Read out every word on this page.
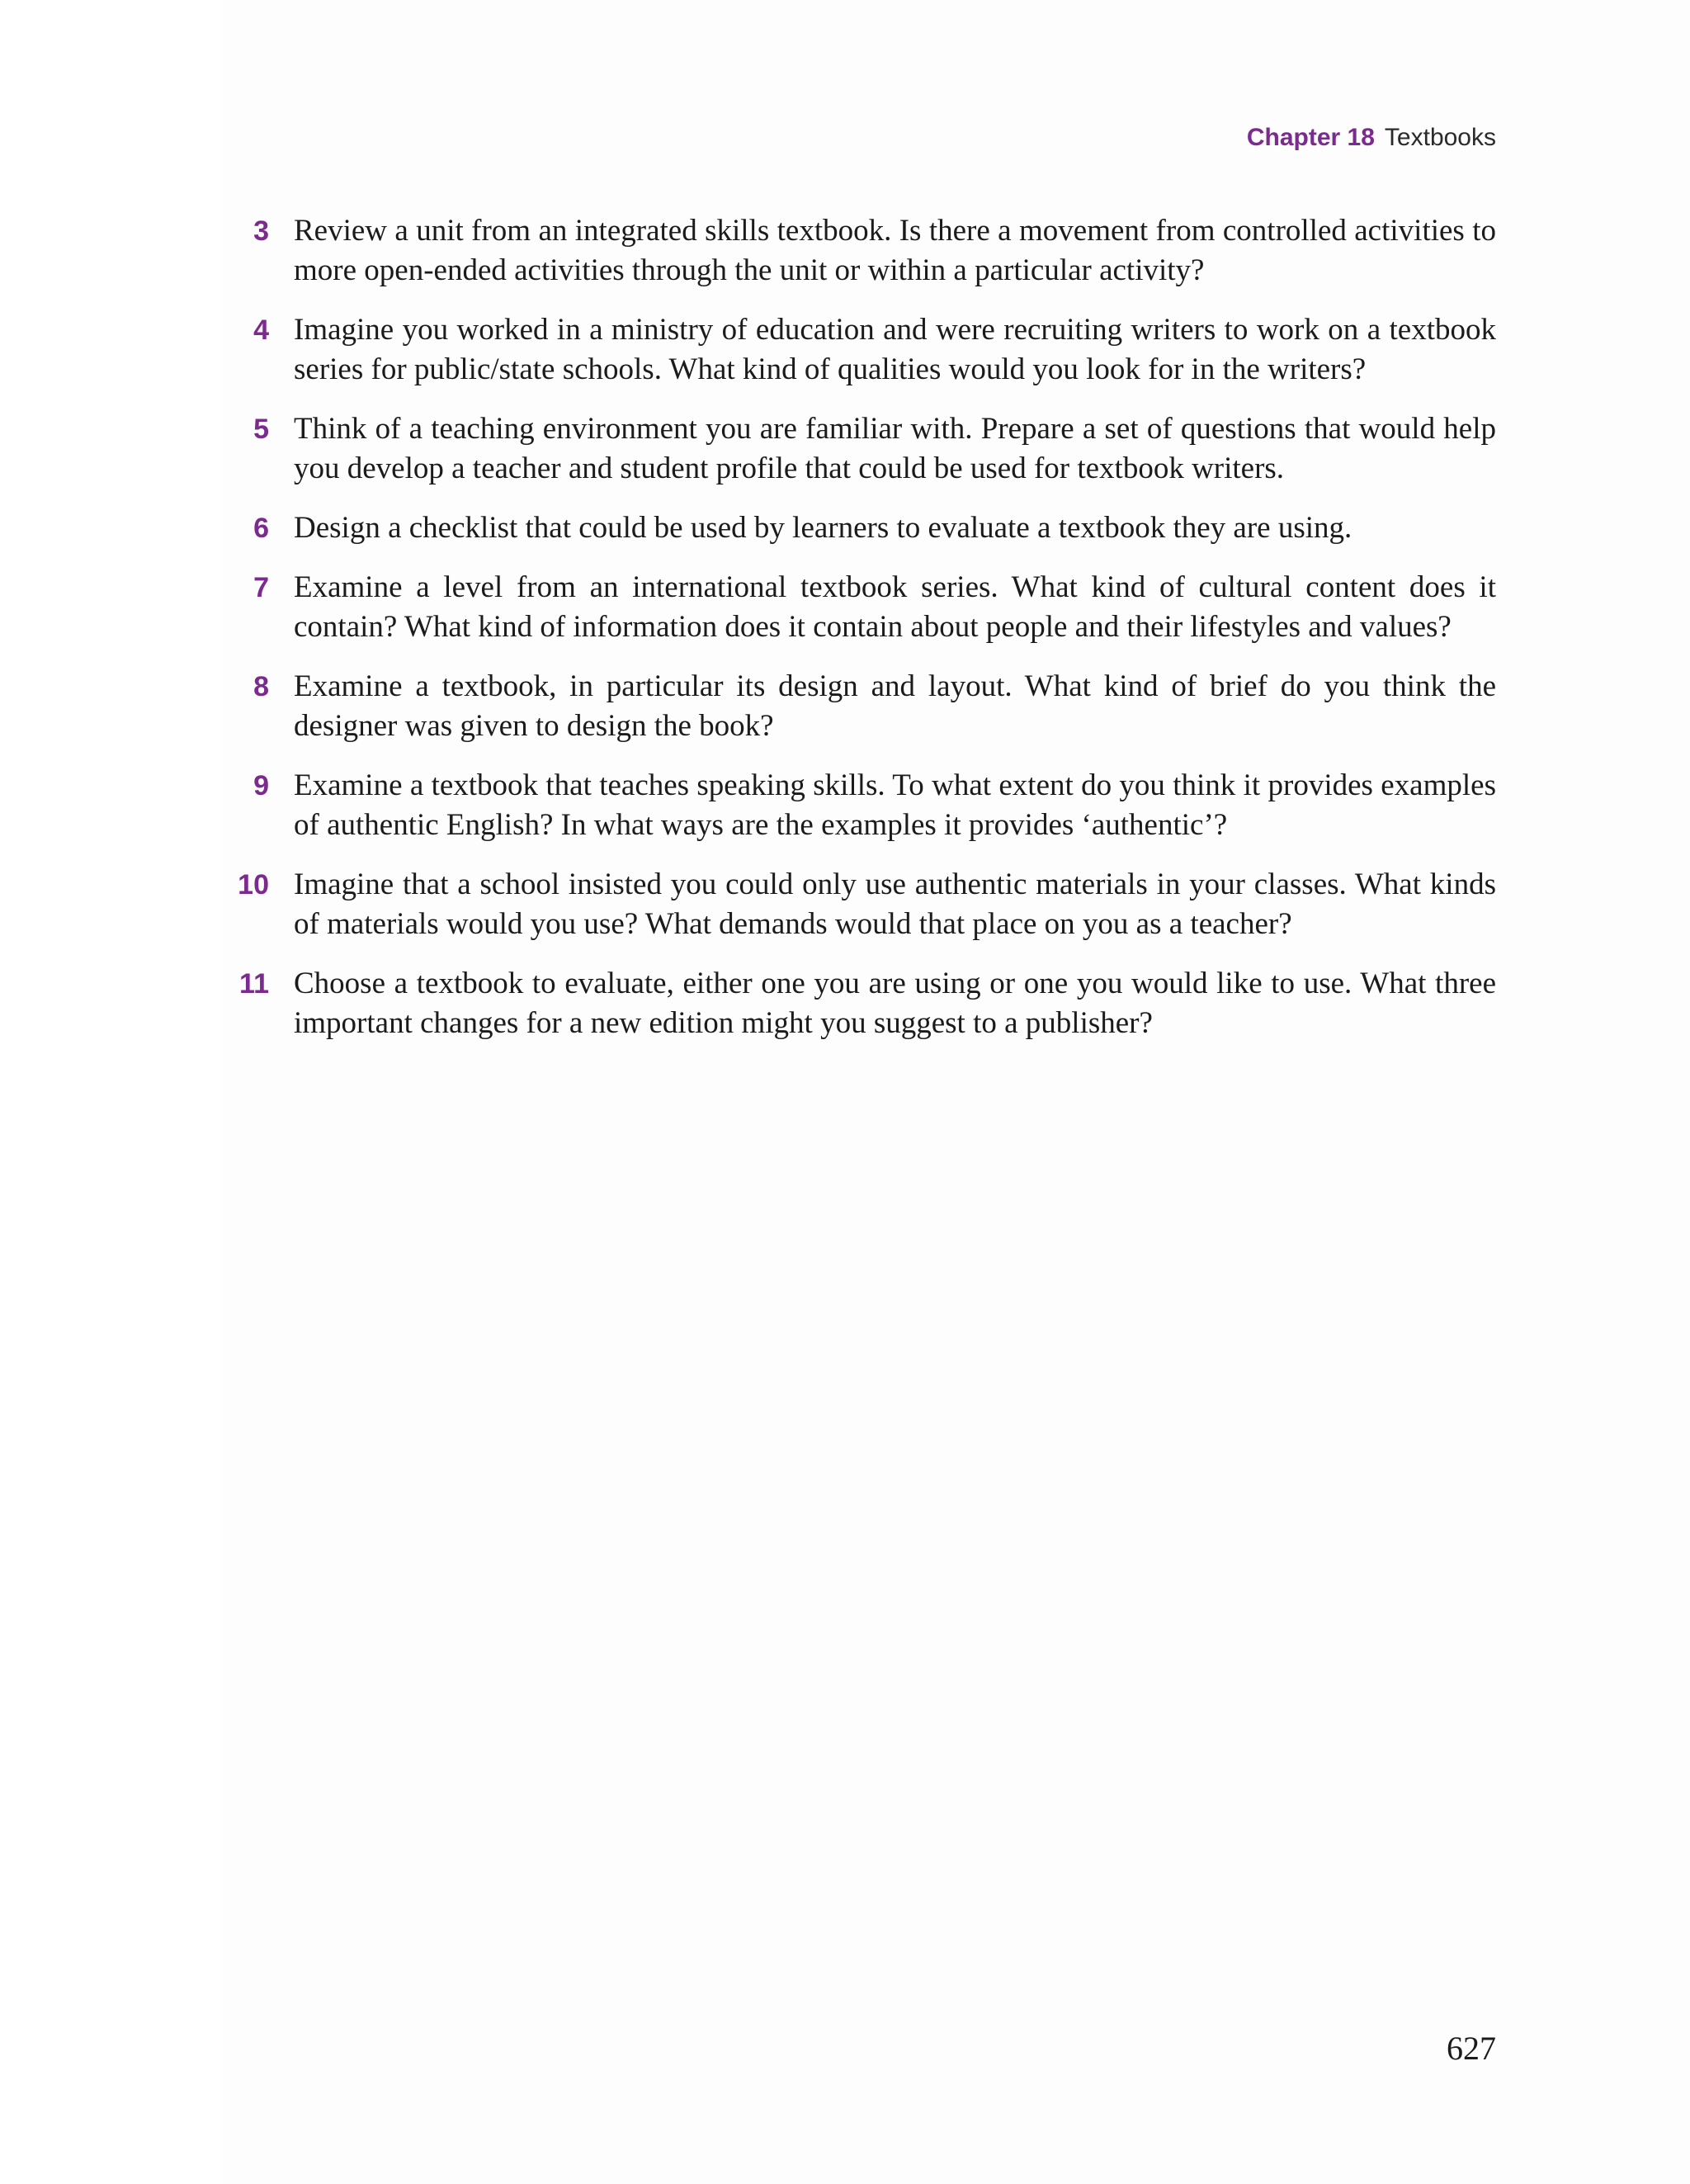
Chapter 18 Textbooks
3 Review a unit from an integrated skills textbook. Is there a movement from controlled activities to more open-ended activities through the unit or within a particular activity?
4 Imagine you worked in a ministry of education and were recruiting writers to work on a textbook series for public/state schools. What kind of qualities would you look for in the writers?
5 Think of a teaching environment you are familiar with. Prepare a set of questions that would help you develop a teacher and student profile that could be used for textbook writers.
6 Design a checklist that could be used by learners to evaluate a textbook they are using.
7 Examine a level from an international textbook series. What kind of cultural content does it contain? What kind of information does it contain about people and their lifestyles and values?
8 Examine a textbook, in particular its design and layout. What kind of brief do you think the designer was given to design the book?
9 Examine a textbook that teaches speaking skills. To what extent do you think it provides examples of authentic English? In what ways are the examples it provides ‘authentic’?
10 Imagine that a school insisted you could only use authentic materials in your classes. What kinds of materials would you use? What demands would that place on you as a teacher?
11 Choose a textbook to evaluate, either one you are using or one you would like to use. What three important changes for a new edition might you suggest to a publisher?
627
